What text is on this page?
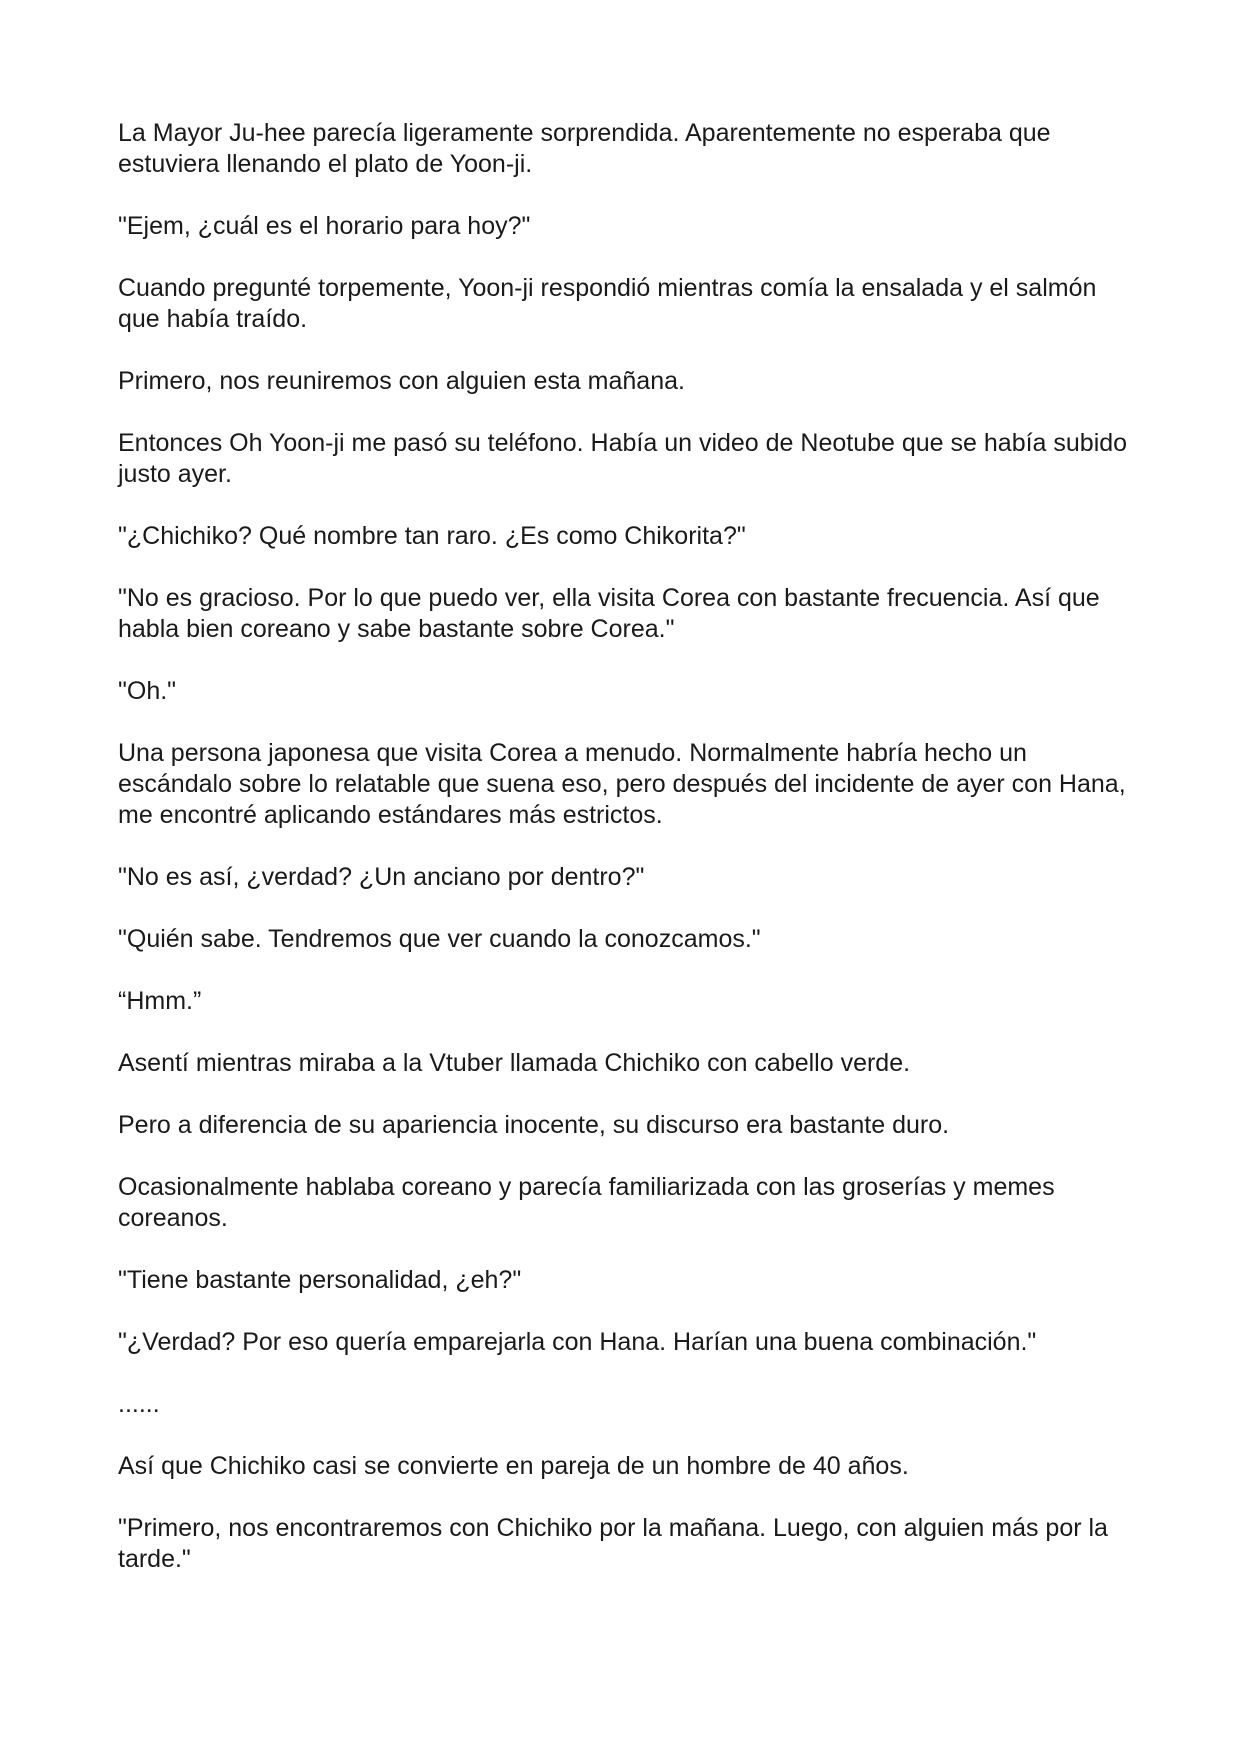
La Mayor Ju-hee parecía ligeramente sorprendida. Aparentemente no esperaba que estuviera llenando el plato de Yoon-ji.

"Ejem, ¿cuál es el horario para hoy?"

Cuando pregunté torpemente, Yoon-ji respondió mientras comía la ensalada y el salmón que había traído.

Primero, nos reuniremos con alguien esta mañana.

Entonces Oh Yoon-ji me pasó su teléfono. Había un video de Neotube que se había subido justo ayer.

"¿Chichiko? Qué nombre tan raro. ¿Es como Chikorita?"

"No es gracioso. Por lo que puedo ver, ella visita Corea con bastante frecuencia. Así que habla bien coreano y sabe bastante sobre Corea."

"Oh."

Una persona japonesa que visita Corea a menudo. Normalmente habría hecho un escándalo sobre lo relatable que suena eso, pero después del incidente de ayer con Hana, me encontré aplicando estándares más estrictos.

"No es así, ¿verdad? ¿Un anciano por dentro?"

"Quién sabe. Tendremos que ver cuando la conozcamos."

“Hmm.”

Asentí mientras miraba a la Vtuber llamada Chichiko con cabello verde.

Pero a diferencia de su apariencia inocente, su discurso era bastante duro.

Ocasionalmente hablaba coreano y parecía familiarizada con las groserías y memes coreanos.

"Tiene bastante personalidad, ¿eh?"

"¿Verdad? Por eso quería emparejarla con Hana. Harían una buena combinación."

......

Así que Chichiko casi se convierte en pareja de un hombre de 40 años.

"Primero, nos encontraremos con Chichiko por la mañana. Luego, con alguien más por la tarde."
